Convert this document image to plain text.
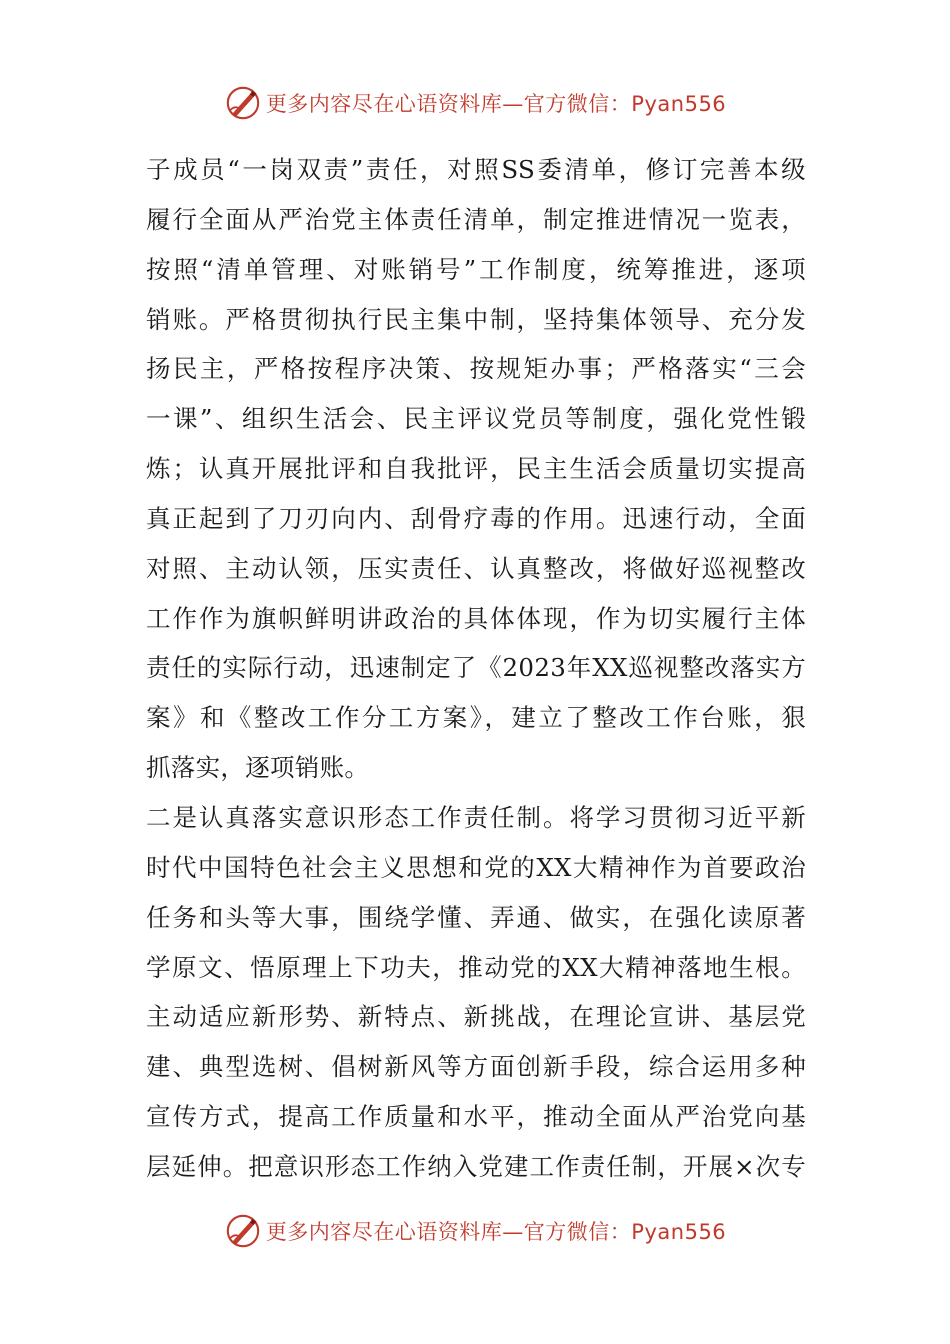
更多内容尽在心语资料库—官方微信：Pyan556
子成员“一岗双责”责任，对照SS委清单，修订完善本级
履行全面从严治党主体责任清单，制定推进情况一览表，
按照“清单管理、对账销号”工作制度，统筹推进，逐项
销账。严格贯彻执行民主集中制，坚持集体领导、充分发
扬民主，严格按程序决策、按规矩办事；严格落实“三会
一课”、组织生活会、民主评议党员等制度，强化党性锻
炼；认真开展批评和自我批评，民主生活会质量切实提高
真正起到了刀刃向内、刮骨疗毒的作用。迅速行动，全面
对照、主动认领，压实责任、认真整改，将做好巡视整改
工作作为旗帜鲜明讲政治的具体体现，作为切实履行主体
责任的实际行动，迅速制定了《2023年XX巡视整改落实方
案》和《整改工作分工方案》，建立了整改工作台账，狠
抓落实，逐项销账。
二是认真落实意识形态工作责任制。将学习贯彻习近平新
时代中国特色社会主义思想和党的XX大精神作为首要政治
任务和头等大事，围绕学懂、弄通、做实，在强化读原著
学原文、悟原理上下功夫，推动党的XX大精神落地生根。
主动适应新形势、新特点、新挑战，在理论宣讲、基层党
建、典型选树、倡树新风等方面创新手段，综合运用多种
宣传方式，提高工作质量和水平，推动全面从严治党向基
层延伸。把意识形态工作纳入党建工作责任制，开展×次专
更多内容尽在心语资料库—官方微信：Pyan556
